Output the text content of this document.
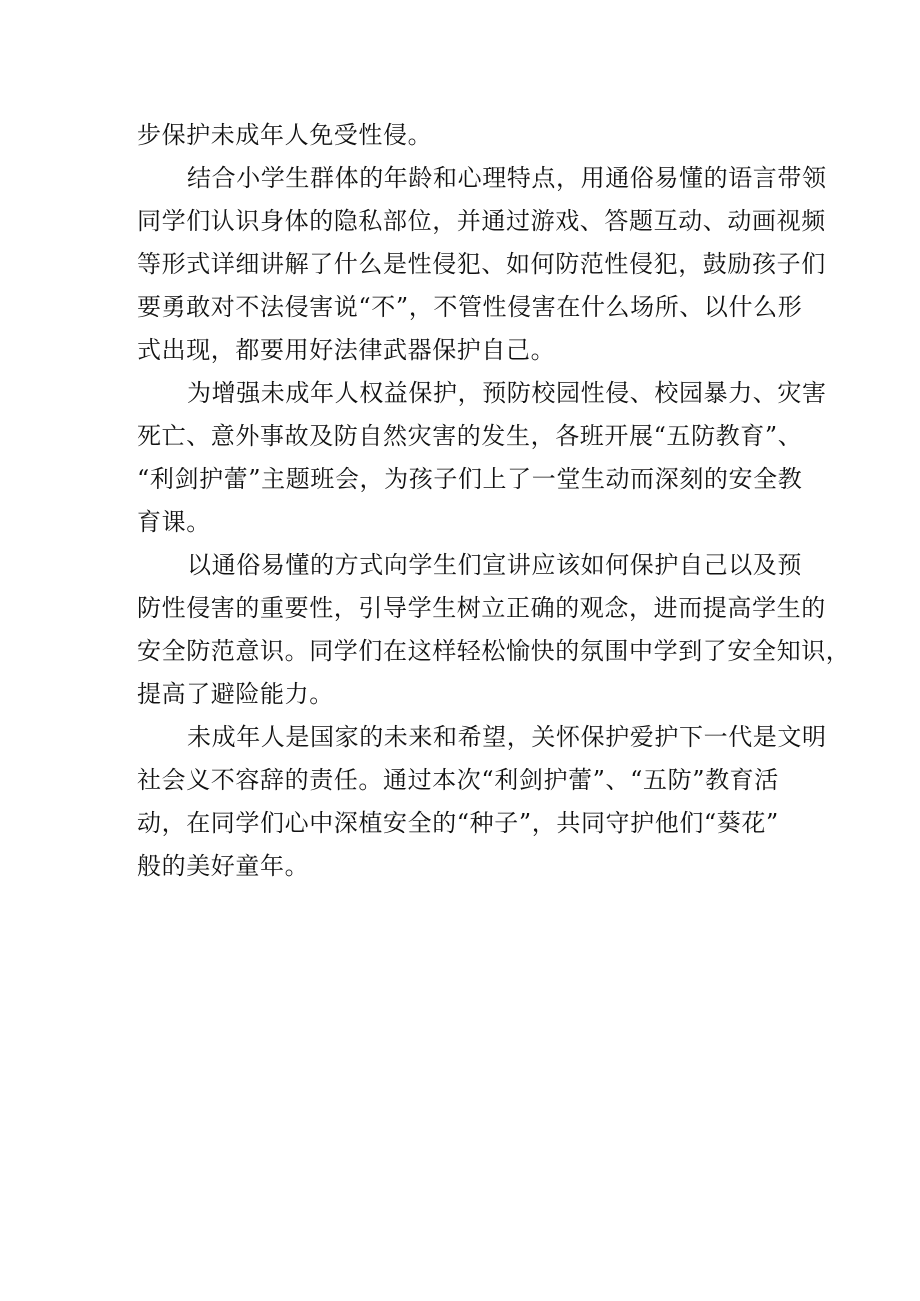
步保护未成年人免受性侵。
结合小学生群体的年龄和心理特点，用通俗易懂的语言带领
同学们认识身体的隐私部位，并通过游戏、答题互动、动画视频
等形式详细讲解了什么是性侵犯、如何防范性侵犯，鼓励孩子们
要勇敢对不法侵害说“不”，不管性侵害在什么场所、以什么形
式出现，都要用好法律武器保护自己。
为增强未成年人权益保护，预防校园性侵、校园暴力、灾害
死亡、意外事故及防自然灾害的发生，各班开展“五防教育”、
“利剑护蕾”主题班会，为孩子们上了一堂生动而深刻的安全教
育课。
以通俗易懂的方式向学生们宣讲应该如何保护自己以及预
防性侵害的重要性，引导学生树立正确的观念，进而提高学生的
安全防范意识。同学们在这样轻松愉快的氛围中学到了安全知识，
提高了避险能力。
未成年人是国家的未来和希望，关怀保护爱护下一代是文明
社会义不容辞的责任。通过本次“利剑护蕾”、“五防”教育活
动，在同学们心中深植安全的“种子”，共同守护他们“葵花”
般的美好童年。
